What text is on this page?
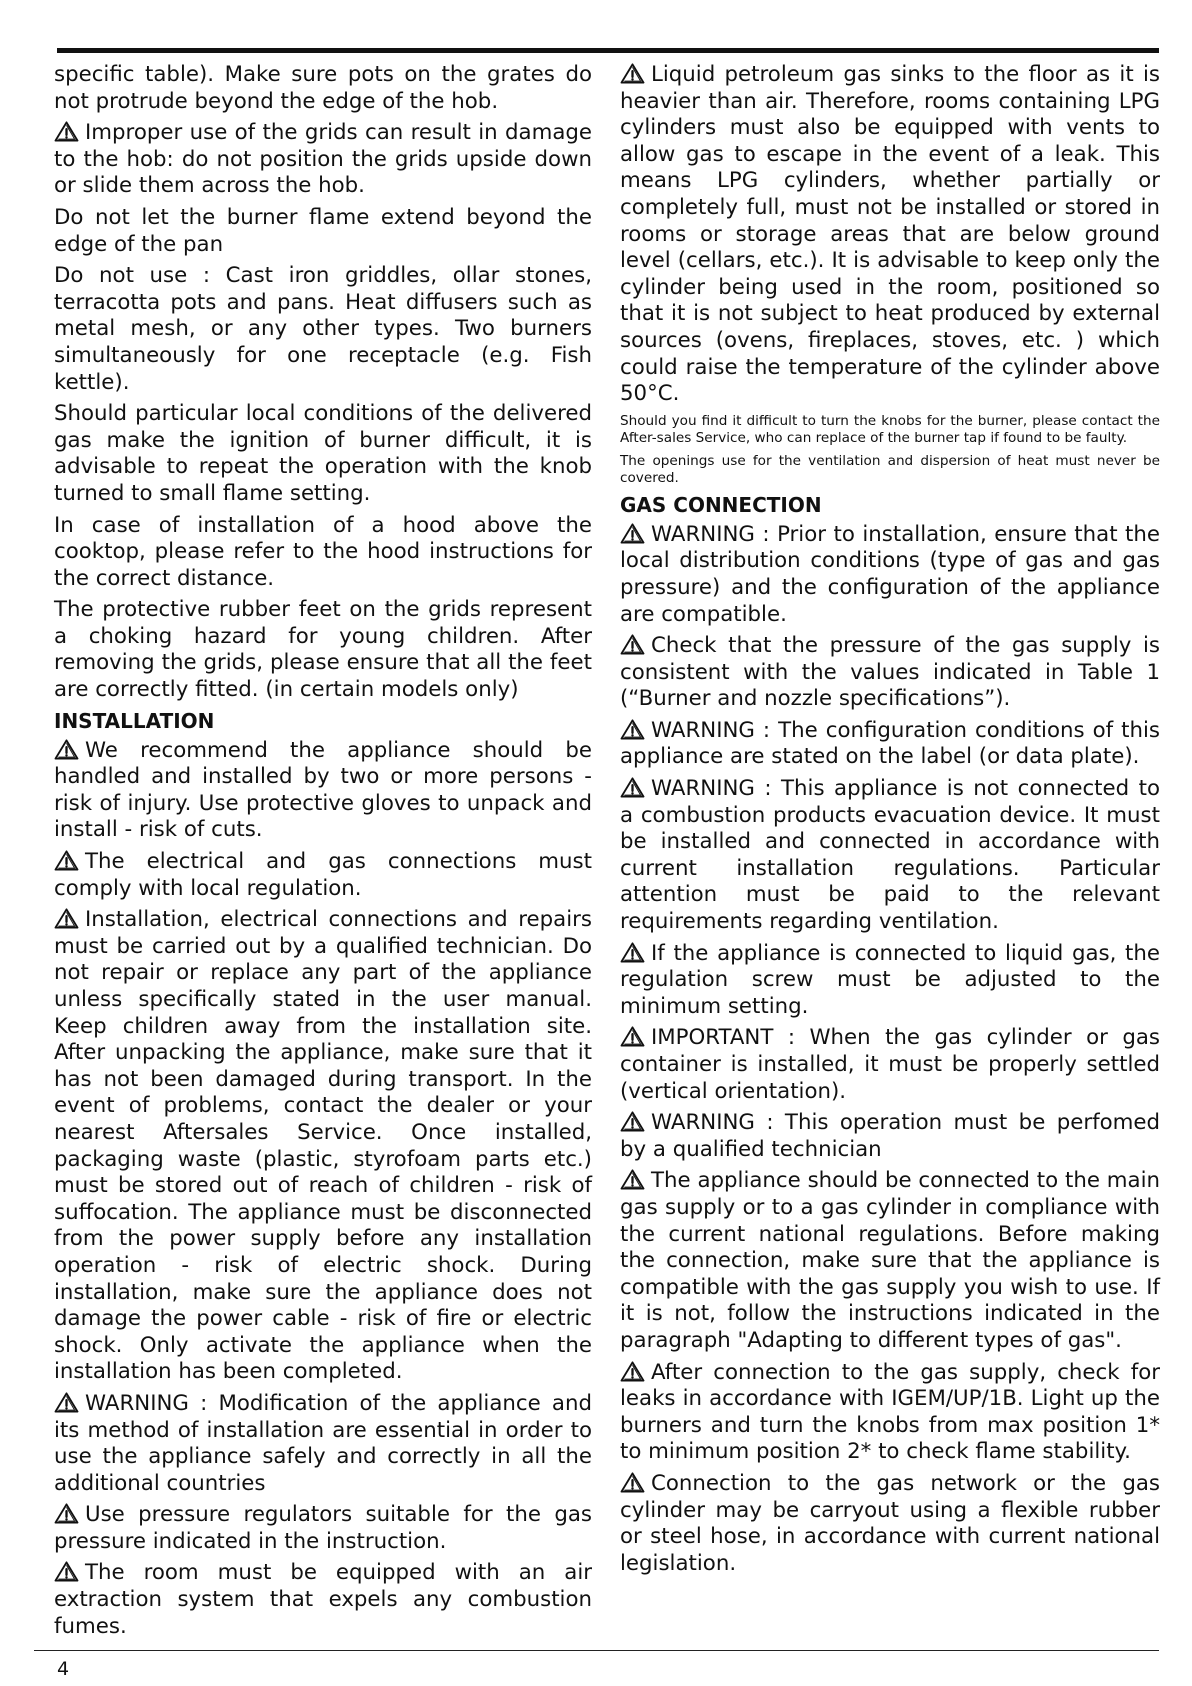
specific table). Make sure pots on the grates do not protrude beyond the edge of the hob.
Improper use of the grids can result in damage to the hob: do not position the grids upside down or slide them across the hob.
Do not let the burner flame extend beyond the edge of the pan
Do not use : Cast iron griddles, ollar stones, terracotta pots and pans. Heat diffusers such as metal mesh, or any other types. Two burners simultaneously for one receptacle (e.g. Fish kettle).
Should particular local conditions of the delivered gas make the ignition of burner difficult, it is advisable to repeat the operation with the knob turned to small flame setting.
In case of installation of a hood above the cooktop, please refer to the hood instructions for the correct distance.
The protective rubber feet on the grids represent a choking hazard for young children. After removing the grids, please ensure that all the feet are correctly fitted. (in certain models only)
INSTALLATION
We recommend the appliance should be handled and installed by two or more persons - risk of injury. Use protective gloves to unpack and install - risk of cuts.
The electrical and gas connections must comply with local regulation.
Installation, electrical connections and repairs must be carried out by a qualified technician. Do not repair or replace any part of the appliance unless specifically stated in the user manual. Keep children away from the installation site. After unpacking the appliance, make sure that it has not been damaged during transport. In the event of problems, contact the dealer or your nearest Aftersales Service. Once installed, packaging waste (plastic, styrofoam parts etc.) must be stored out of reach of children - risk of suffocation. The appliance must be disconnected from the power supply before any installation operation - risk of electric shock. During installation, make sure the appliance does not damage the power cable - risk of fire or electric shock. Only activate the appliance when the installation has been completed.
WARNING : Modification of the appliance and its method of installation are essential in order to use the appliance safely and correctly in all the additional countries
Use pressure regulators suitable for the gas pressure indicated in the instruction.
The room must be equipped with an air extraction system that expels any combustion fumes.
Liquid petroleum gas sinks to the floor as it is heavier than air. Therefore, rooms containing LPG cylinders must also be equipped with vents to allow gas to escape in the event of a leak. This means LPG cylinders, whether partially or completely full, must not be installed or stored in rooms or storage areas that are below ground level (cellars, etc.). It is advisable to keep only the cylinder being used in the room, positioned so that it is not subject to heat produced by external sources (ovens, fireplaces, stoves, etc. ) which could raise the temperature of the cylinder above 50°C.
Should you find it difficult to turn the knobs for the burner, please contact the After-sales Service, who can replace of the burner tap if found to be faulty.
The openings use for the ventilation and dispersion of heat must never be covered.
GAS CONNECTION
WARNING : Prior to installation, ensure that the local distribution conditions (type of gas and gas pressure) and the configuration of the appliance are compatible.
Check that the pressure of the gas supply is consistent with the values indicated in Table 1 (“Burner and nozzle specifications”).
WARNING : The configuration conditions of this appliance are stated on the label (or data plate).
WARNING : This appliance is not connected to a combustion products evacuation device. It must be installed and connected in accordance with current installation regulations. Particular attention must be paid to the relevant requirements regarding ventilation.
If the appliance is connected to liquid gas, the regulation screw must be adjusted to the minimum setting.
IMPORTANT : When the gas cylinder or gas container is installed, it must be properly settled (vertical orientation).
WARNING : This operation must be perfomed by a qualified technician
The appliance should be connected to the main gas supply or to a gas cylinder in compliance with the current national regulations. Before making the connection, make sure that the appliance is compatible with the gas supply you wish to use. If it is not, follow the instructions indicated in the paragraph "Adapting to different types of gas".
After connection to the gas supply, check for leaks in accordance with IGEM/UP/1B. Light up the burners and turn the knobs from max position 1* to minimum position 2* to check flame stability.
Connection to the gas network or the gas cylinder may be carryout using a flexible rubber or steel hose, in accordance with current national legislation.
4
